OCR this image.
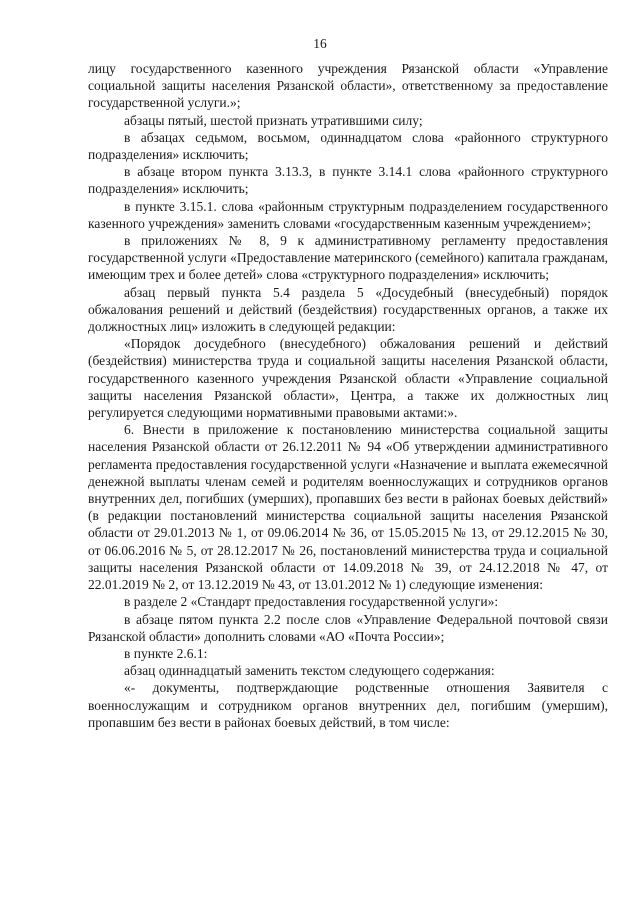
16

лицу государственного казенного учреждения Рязанской области «Управление социальной защиты населения Рязанской области», ответственному за предоставление государственной услуги.»;

абзацы пятый, шестой признать утратившими силу;

в абзацах седьмом, восьмом, одиннадцатом слова «районного структурного подразделения» исключить;

в абзаце втором пункта 3.13.3, в пункте 3.14.1 слова «районного структурного подразделения» исключить;

в пункте 3.15.1. слова «районным структурным подразделением государственного казенного учреждения» заменить словами «государственным казенным учреждением»;

в приложениях № 8, 9 к административному регламенту предоставления государственной услуги «Предоставление материнского (семейного) капитала гражданам, имеющим трех и более детей» слова «структурного подразделения» исключить;

абзац первый пункта 5.4 раздела 5 «Досудебный (внесудебный) порядок обжалования решений и действий (бездействия) государственных органов, а также их должностных лиц» изложить в следующей редакции:

«Порядок досудебного (внесудебного) обжалования решений и действий (бездействия) министерства труда и социальной защиты населения Рязанской области, государственного казенного учреждения Рязанской области «Управление социальной защиты населения Рязанской области», Центра, а также их должностных лиц регулируется следующими нормативными правовыми актами:».

6. Внести в приложение к постановлению министерства социальной защиты населения Рязанской области от 26.12.2011 № 94 «Об утверждении административного регламента предоставления государственной услуги «Назначение и выплата ежемесячной денежной выплаты членам семей и родителям военнослужащих и сотрудников органов внутренних дел, погибших (умерших), пропавших без вести в районах боевых действий» (в редакции постановлений министерства социальной защиты населения Рязанской области от 29.01.2013 № 1, от 09.06.2014 № 36, от 15.05.2015 № 13, от 29.12.2015 № 30, от 06.06.2016 № 5, от 28.12.2017 № 26, постановлений министерства труда и социальной защиты населения Рязанской области от 14.09.2018 № 39, от 24.12.2018 № 47, от 22.01.2019 № 2, от 13.12.2019 № 43, от 13.01.2012 № 1) следующие изменения:

в разделе 2 «Стандарт предоставления государственной услуги»:

в абзаце пятом пункта 2.2 после слов «Управление Федеральной почтовой связи Рязанской области» дополнить словами «АО «Почта России»;

в пункте 2.6.1:

абзац одиннадцатый заменить текстом следующего содержания:

«- документы, подтверждающие родственные отношения Заявителя с военнослужащим и сотрудником органов внутренних дел, погибшим (умершим), пропавшим без вести в районах боевых действий, в том числе:
